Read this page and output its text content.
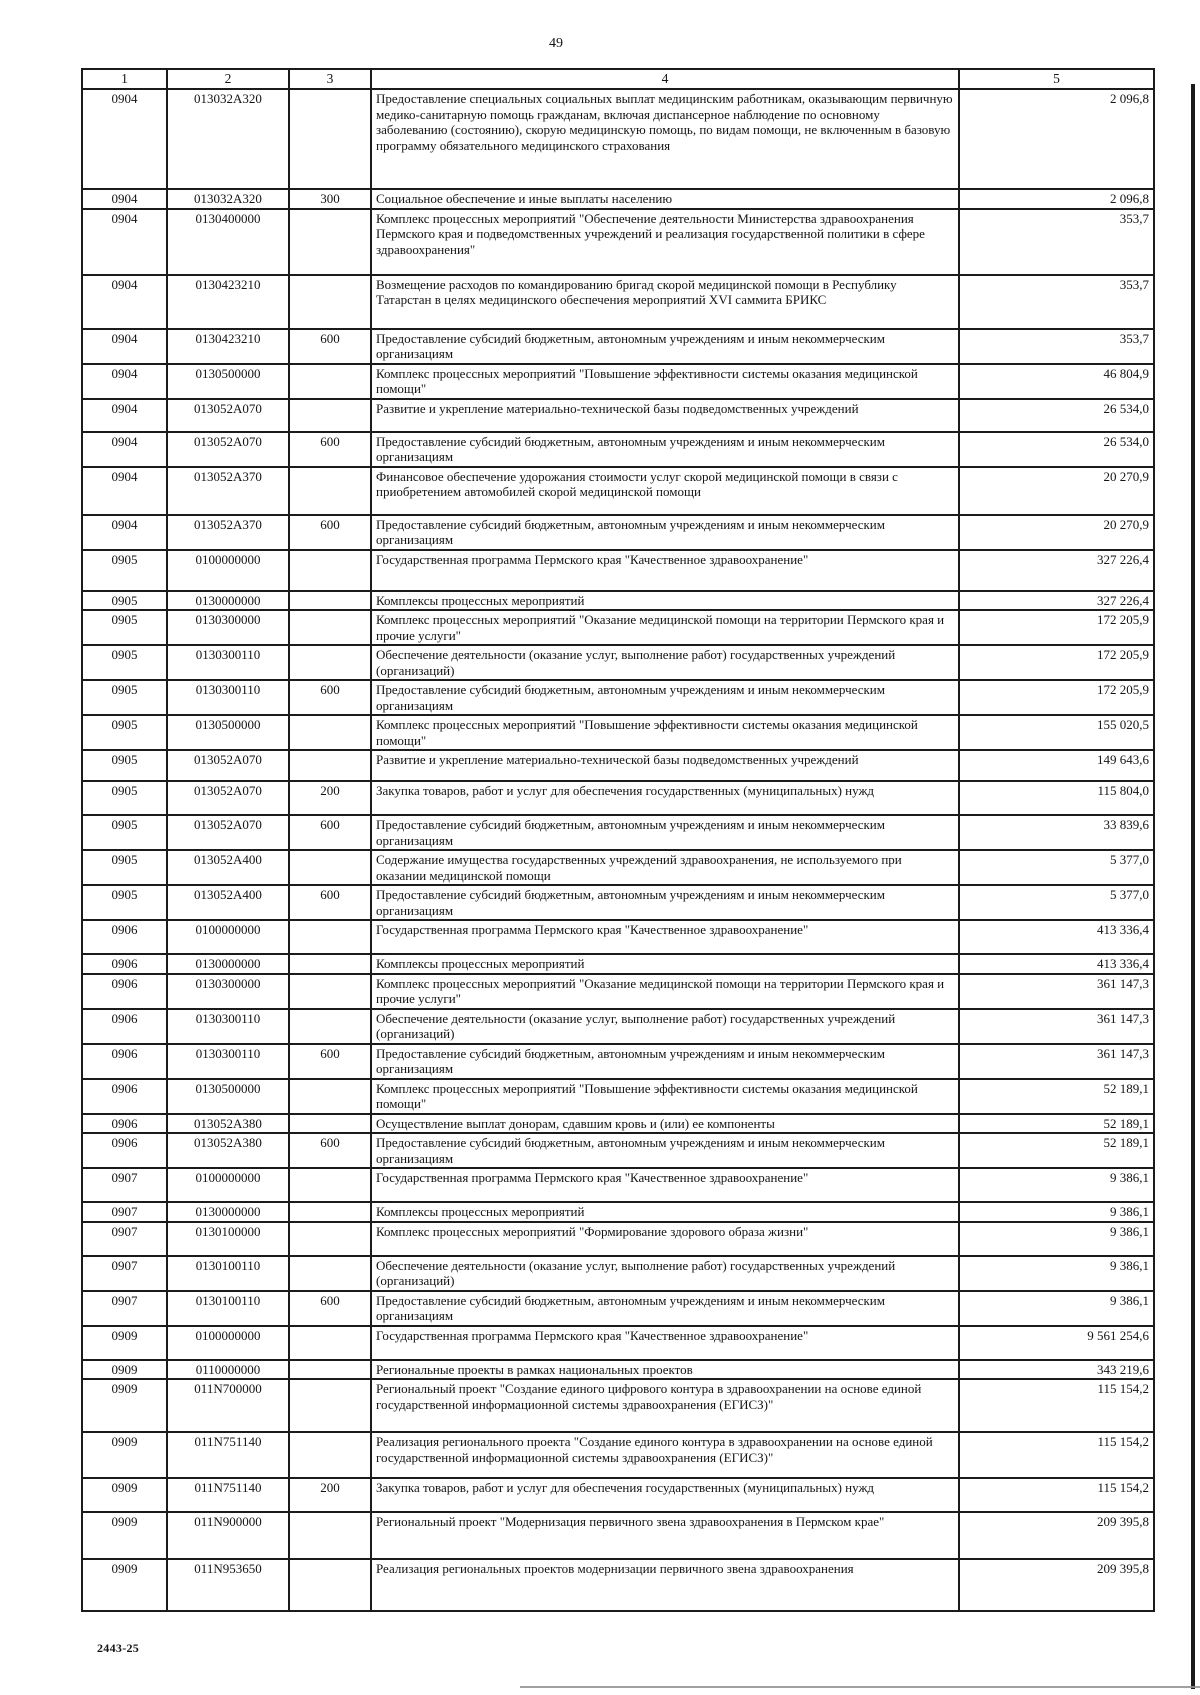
49
1	2	3	4	5
0904	013032A320		Предоставление специальных социальных выплат медицинским работникам, оказывающим первичную медико-санитарную помощь гражданам, включая диспансерное наблюдение по основному заболеванию (состоянию), скорую медицинскую помощь, по видам помощи, не включенным в базовую программу обязательного медицинского страхования	2 096,8
0904	013032A320	300	Социальное обеспечение и иные выплаты населению	2 096,8
0904	0130400000		Комплекс процессных мероприятий "Обеспечение деятельности Министерства здравоохранения Пермского края и подведомственных учреждений и реализация государственной политики в сфере здравоохранения"	353,7
0904	0130423210		Возмещение расходов по командированию бригад скорой медицинской помощи в Республику Татарстан в целях медицинского обеспечения мероприятий XVI саммита БРИКС	353,7
0904	0130423210	600	Предоставление субсидий бюджетным, автономным учреждениям и иным некоммерческим организациям	353,7
0904	0130500000		Комплекс процессных мероприятий "Повышение эффективности системы оказания медицинской помощи"	46 804,9
0904	013052A070		Развитие и укрепление материально-технической базы подведомственных учреждений	26 534,0
0904	013052A070	600	Предоставление субсидий бюджетным, автономным учреждениям и иным некоммерческим организациям	26 534,0
0904	013052A370		Финансовое обеспечение удорожания стоимости услуг скорой медицинской помощи в связи с приобретением автомобилей скорой медицинской помощи	20 270,9
0904	013052A370	600	Предоставление субсидий бюджетным, автономным учреждениям и иным некоммерческим организациям	20 270,9
0905	0100000000		Государственная программа Пермского края "Качественное здравоохранение"	327 226,4
0905	0130000000		Комплексы процессных мероприятий	327 226,4
0905	0130300000		Комплекс процессных мероприятий "Оказание медицинской помощи на территории Пермского края и прочие услуги"	172 205,9
0905	0130300110		Обеспечение деятельности (оказание услуг, выполнение работ) государственных учреждений (организаций)	172 205,9
0905	0130300110	600	Предоставление субсидий бюджетным, автономным учреждениям и иным некоммерческим организациям	172 205,9
0905	0130500000		Комплекс процессных мероприятий "Повышение эффективности системы оказания медицинской помощи"	155 020,5
0905	013052A070		Развитие и укрепление материально-технической базы подведомственных учреждений	149 643,6
0905	013052A070	200	Закупка товаров, работ и услуг для обеспечения государственных (муниципальных) нужд	115 804,0
0905	013052A070	600	Предоставление субсидий бюджетным, автономным учреждениям и иным некоммерческим организациям	33 839,6
0905	013052A400		Содержание имущества государственных учреждений здравоохранения, не используемого при оказании медицинской помощи	5 377,0
0905	013052A400	600	Предоставление субсидий бюджетным, автономным учреждениям и иным некоммерческим организациям	5 377,0
0906	0100000000		Государственная программа Пермского края "Качественное здравоохранение"	413 336,4
0906	0130000000		Комплексы процессных мероприятий	413 336,4
0906	0130300000		Комплекс процессных мероприятий "Оказание медицинской помощи на территории Пермского края и прочие услуги"	361 147,3
0906	0130300110		Обеспечение деятельности (оказание услуг, выполнение работ) государственных учреждений (организаций)	361 147,3
0906	0130300110	600	Предоставление субсидий бюджетным, автономным учреждениям и иным некоммерческим организациям	361 147,3
0906	0130500000		Комплекс процессных мероприятий "Повышение эффективности системы оказания медицинской помощи"	52 189,1
0906	013052A380		Осуществление выплат донорам, сдавшим кровь и (или) ее компоненты	52 189,1
0906	013052A380	600	Предоставление субсидий бюджетным, автономным учреждениям и иным некоммерческим организациям	52 189,1
0907	0100000000		Государственная программа Пермского края "Качественное здравоохранение"	9 386,1
0907	0130000000		Комплексы процессных мероприятий	9 386,1
0907	0130100000		Комплекс процессных мероприятий "Формирование здорового образа жизни"	9 386,1
0907	0130100110		Обеспечение деятельности (оказание услуг, выполнение работ) государственных учреждений (организаций)	9 386,1
0907	0130100110	600	Предоставление субсидий бюджетным, автономным учреждениям и иным некоммерческим организациям	9 386,1
0909	0100000000		Государственная программа Пермского края "Качественное здравоохранение"	9 561 254,6
0909	0110000000		Региональные проекты в рамках национальных проектов	343 219,6
0909	011N700000		Региональный проект "Создание единого цифрового контура в здравоохранении на основе единой государственной информационной системы здравоохранения (ЕГИСЗ)"	115 154,2
0909	011N751140		Реализация регионального проекта "Создание единого контура в здравоохранении на основе единой государственной информационной системы здравоохранения (ЕГИСЗ)"	115 154,2
0909	011N751140	200	Закупка товаров, работ и услуг для обеспечения государственных (муниципальных) нужд	115 154,2
0909	011N900000		Региональный проект "Модернизация первичного звена здравоохранения в Пермском крае"	209 395,8
0909	011N953650		Реализация региональных проектов модернизации первичного звена здравоохранения	209 395,8
2443-25
